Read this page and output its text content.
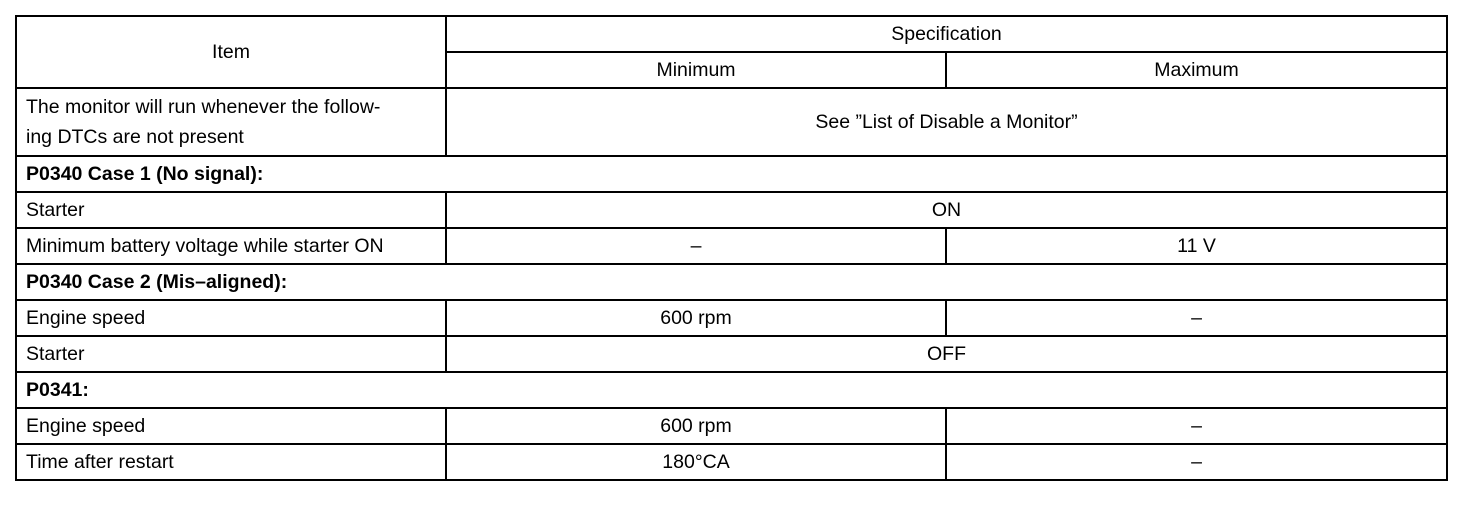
Item	Specification	
	Minimum	Maximum
The monitor will run whenever the follow-
ing DTCs are not present	See ”List of Disable a Monitor”	
P0340 Case 1 (No signal):		
Starter	ON	
Minimum battery voltage while starter ON	–	11 V
P0340 Case 2 (Mis–aligned):		
Engine speed	600 rpm	–
Starter	OFF	
P0341:		
Engine speed	600 rpm	–
Time after restart	180°CA	–
